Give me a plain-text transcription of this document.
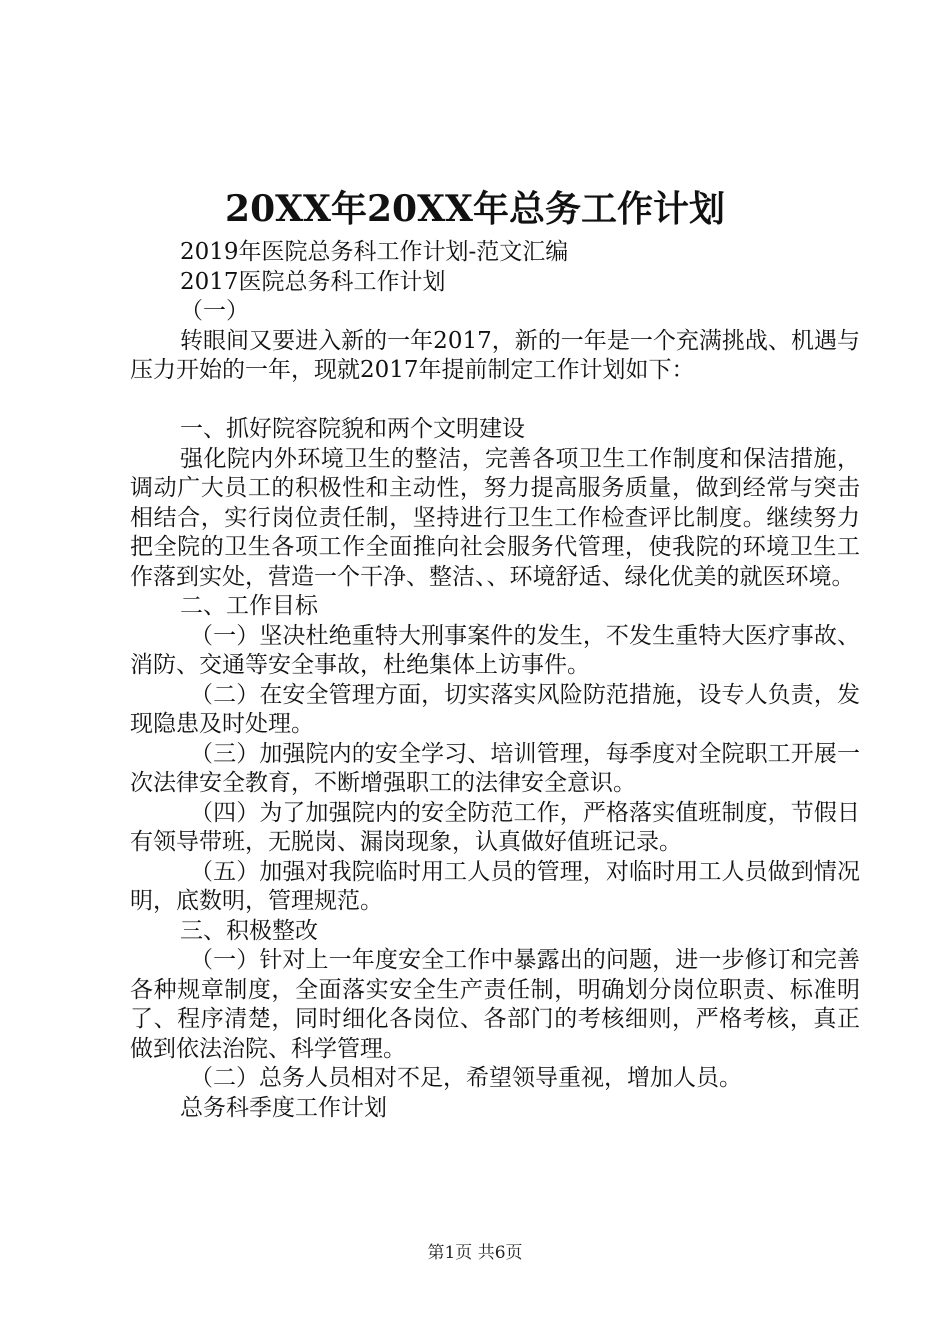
20XX年20XX年总务工作计划

2019年医院总务科工作计划-范文汇编

2017医院总务科工作计划

（一）

转眼间又要进入新的一年2017，新的一年是一个充满挑战、机遇与压力开始的一年，现就2017年提前制定工作计划如下：

一、抓好院容院貌和两个文明建设

强化院内外环境卫生的整洁，完善各项卫生工作制度和保洁措施，调动广大员工的积极性和主动性，努力提高服务质量，做到经常与突击相结合，实行岗位责任制，坚持进行卫生工作检查评比制度。继续努力把全院的卫生各项工作全面推向社会服务代管理，使我院的环境卫生工作落到实处，营造一个干净、整洁、、环境舒适、绿化优美的就医环境。

二、工作目标

（一）坚决杜绝重特大刑事案件的发生，不发生重特大医疗事故、消防、交通等安全事故，杜绝集体上访事件。

（二）在安全管理方面，切实落实风险防范措施，设专人负责，发现隐患及时处理。

（三）加强院内的安全学习、培训管理，每季度对全院职工开展一次法律安全教育，不断增强职工的法律安全意识。

（四）为了加强院内的安全防范工作，严格落实值班制度，节假日有领导带班，无脱岗、漏岗现象，认真做好值班记录。

（五）加强对我院临时用工人员的管理，对临时用工人员做到情况明，底数明，管理规范。

三、积极整改

（一）针对上一年度安全工作中暴露出的问题，进一步修订和完善各种规章制度，全面落实安全生产责任制，明确划分岗位职责、标准明了、程序清楚，同时细化各岗位、各部门的考核细则，严格考核，真正做到依法治院、科学管理。

（二）总务人员相对不足，希望领导重视，增加人员。

总务科季度工作计划

第1页 共6页
